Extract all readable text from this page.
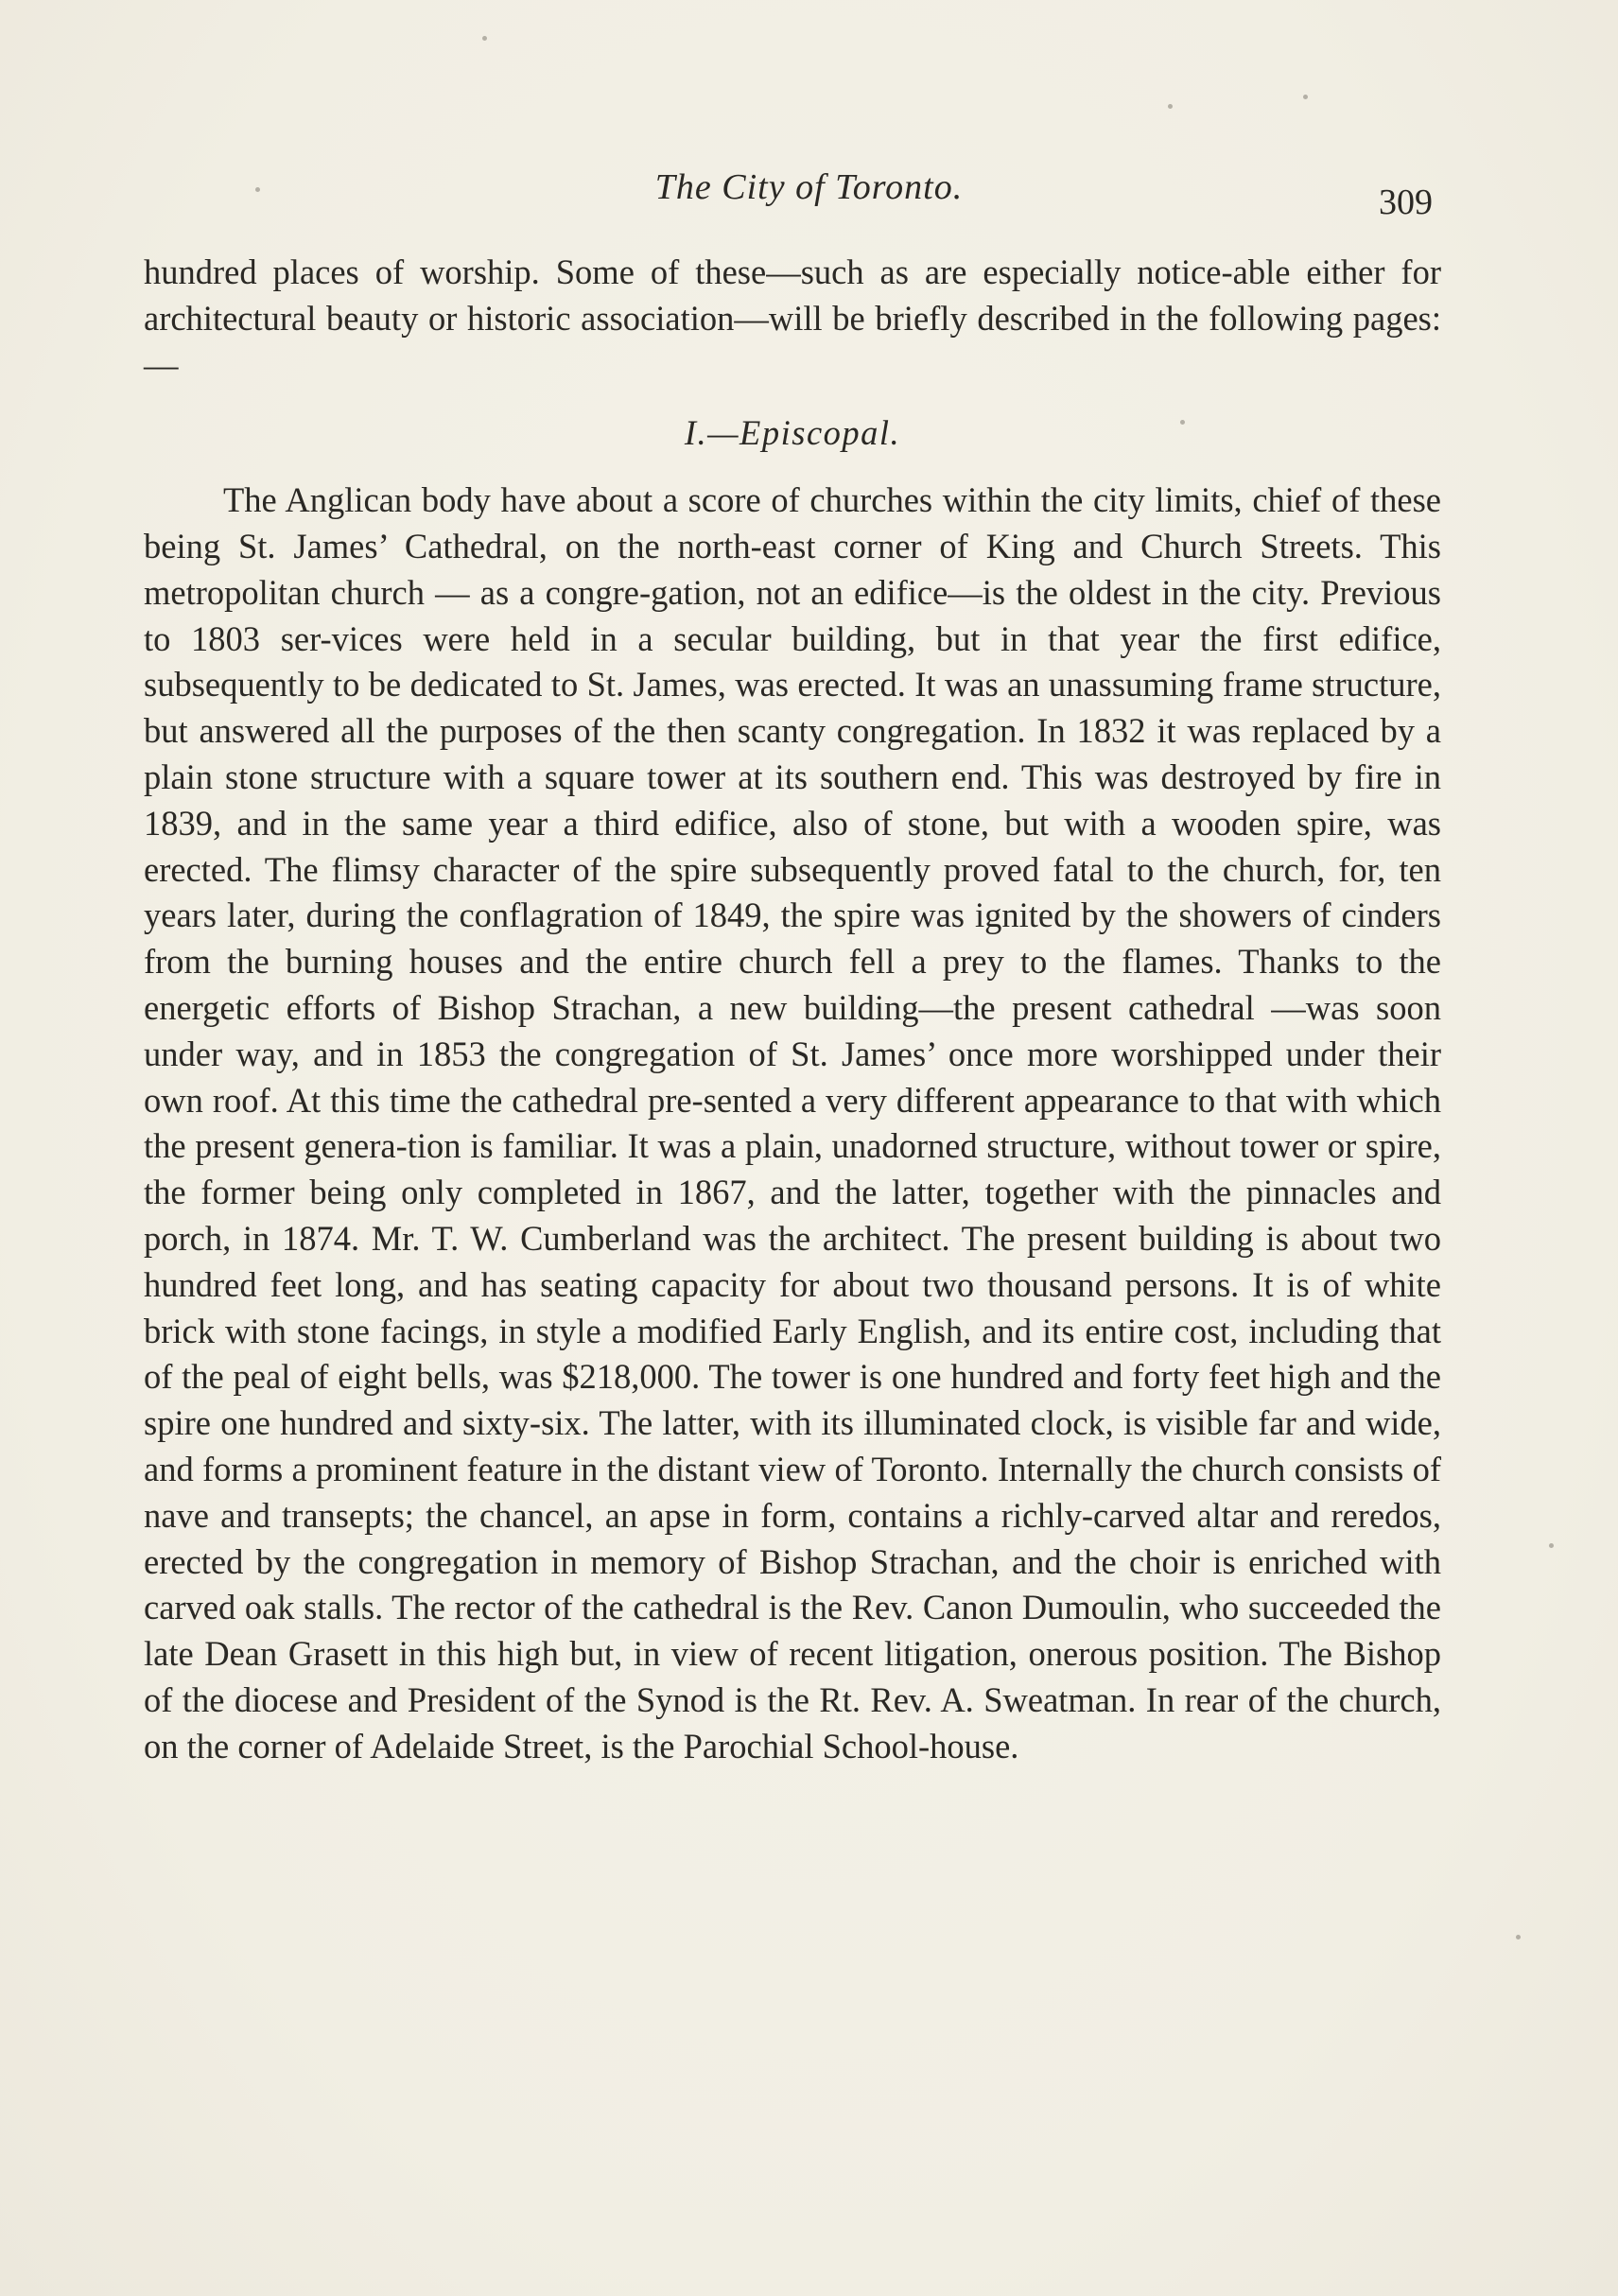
The City of Toronto.	309

hundred places of worship. Some of these—such as are especially notice-able either for architectural beauty or historic association—will be briefly described in the following pages:—

I.—Episcopal.

The Anglican body have about a score of churches within the city limits, chief of these being St. James’ Cathedral, on the north-east corner of King and Church Streets. This metropolitan church — as a congre-gation, not an edifice—is the oldest in the city. Previous to 1803 ser-vices were held in a secular building, but in that year the first edifice, subsequently to be dedicated to St. James, was erected. It was an unassuming frame structure, but answered all the purposes of the then scanty congregation. In 1832 it was replaced by a plain stone structure with a square tower at its southern end. This was destroyed by fire in 1839, and in the same year a third edifice, also of stone, but with a wooden spire, was erected. The flimsy character of the spire subsequently proved fatal to the church, for, ten years later, during the conflagration of 1849, the spire was ignited by the showers of cinders from the burning houses and the entire church fell a prey to the flames. Thanks to the energetic efforts of Bishop Strachan, a new building—the present cathedral —was soon under way, and in 1853 the congregation of St. James’ once more worshipped under their own roof. At this time the cathedral pre-sented a very different appearance to that with which the present genera-tion is familiar. It was a plain, unadorned structure, without tower or spire, the former being only completed in 1867, and the latter, together with the pinnacles and porch, in 1874. Mr. T. W. Cumberland was the architect. The present building is about two hundred feet long, and has seating capacity for about two thousand persons. It is of white brick with stone facings, in style a modified Early English, and its entire cost, including that of the peal of eight bells, was $218,000. The tower is one hundred and forty feet high and the spire one hundred and sixty-six. The latter, with its illuminated clock, is visible far and wide, and forms a prominent feature in the distant view of Toronto. Internally the church consists of nave and transepts; the chancel, an apse in form, contains a richly-carved altar and reredos, erected by the congregation in memory of Bishop Strachan, and the choir is enriched with carved oak stalls. The rector of the cathedral is the Rev. Canon Dumoulin, who succeeded the late Dean Grasett in this high but, in view of recent litigation, onerous position. The Bishop of the diocese and President of the Synod is the Rt. Rev. A. Sweatman. In rear of the church, on the corner of Adelaide Street, is the Parochial School-house.
